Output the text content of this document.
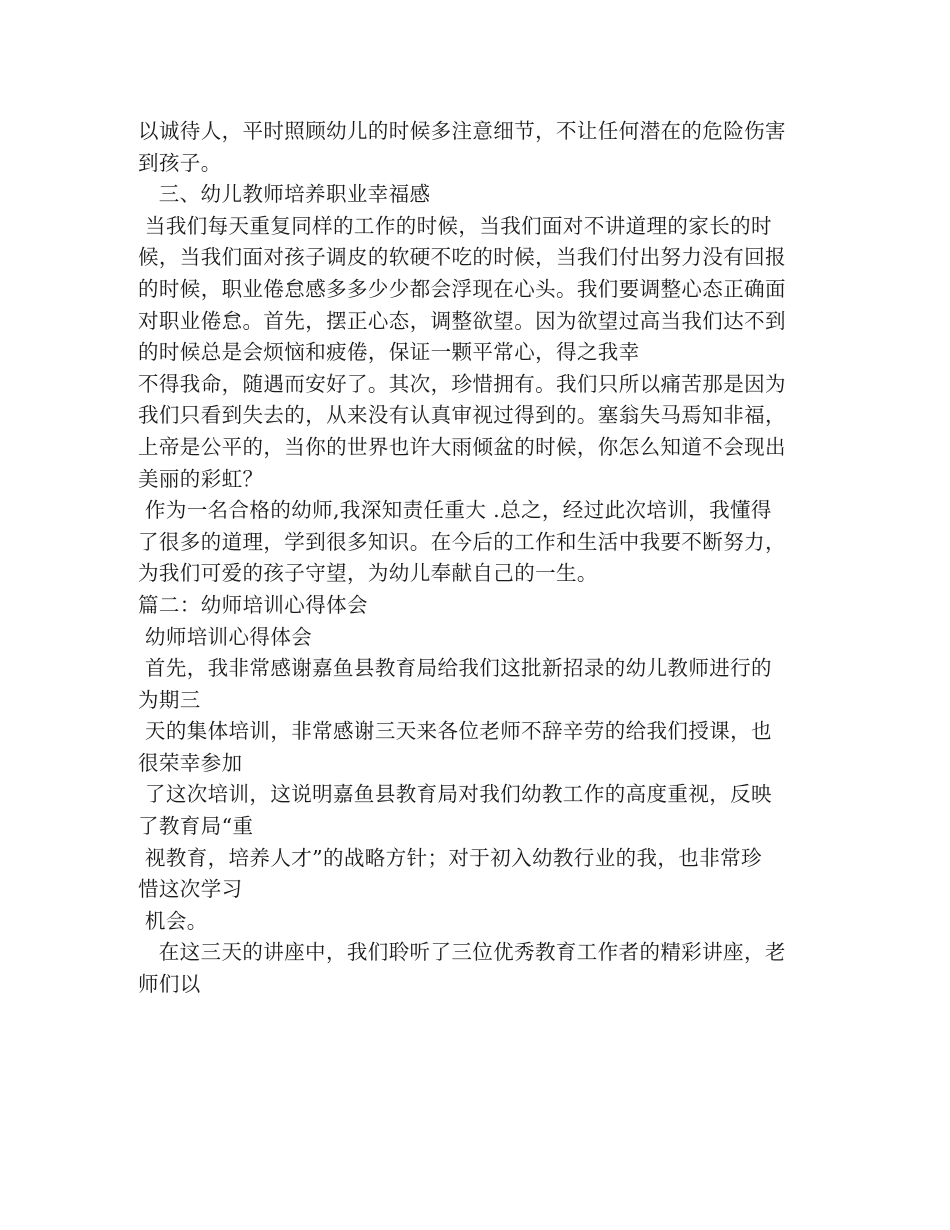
以诚待人，平时照顾幼儿的时候多注意细节，不让任何潜在的危险伤害
到孩子。
三、幼儿教师培养职业幸福感
当我们每天重复同样的工作的时候，当我们面对不讲道理的家长的时
候，当我们面对孩子调皮的软硬不吃的时候，当我们付出努力没有回报
的时候，职业倦怠感多多少少都会浮现在心头。我们要调整心态正确面
对职业倦怠。首先，摆正心态，调整欲望。因为欲望过高当我们达不到
的时候总是会烦恼和疲倦，保证一颗平常心，得之我幸
不得我命，随遇而安好了。其次，珍惜拥有。我们只所以痛苦那是因为
我们只看到失去的，从来没有认真审视过得到的。塞翁失马焉知非福，
上帝是公平的，当你的世界也许大雨倾盆的时候，你怎么知道不会现出
美丽的彩虹？
作为一名合格的幼师,我深知责任重大 .总之，经过此次培训，我懂得
了很多的道理，学到很多知识。在今后的工作和生活中我要不断努力，
为我们可爱的孩子守望，为幼儿奉献自己的一生。
篇二：幼师培训心得体会
幼师培训心得体会
首先，我非常感谢嘉鱼县教育局给我们这批新招录的幼儿教师进行的
为期三
天的集体培训，非常感谢三天来各位老师不辞辛劳的给我们授课，也
很荣幸参加
了这次培训，这说明嘉鱼县教育局对我们幼教工作的高度重视，反映
了教育局“重
视教育，培养人才”的战略方针；对于初入幼教行业的我，也非常珍
惜这次学习
机会。
在这三天的讲座中，我们聆听了三位优秀教育工作者的精彩讲座，老
师们以
